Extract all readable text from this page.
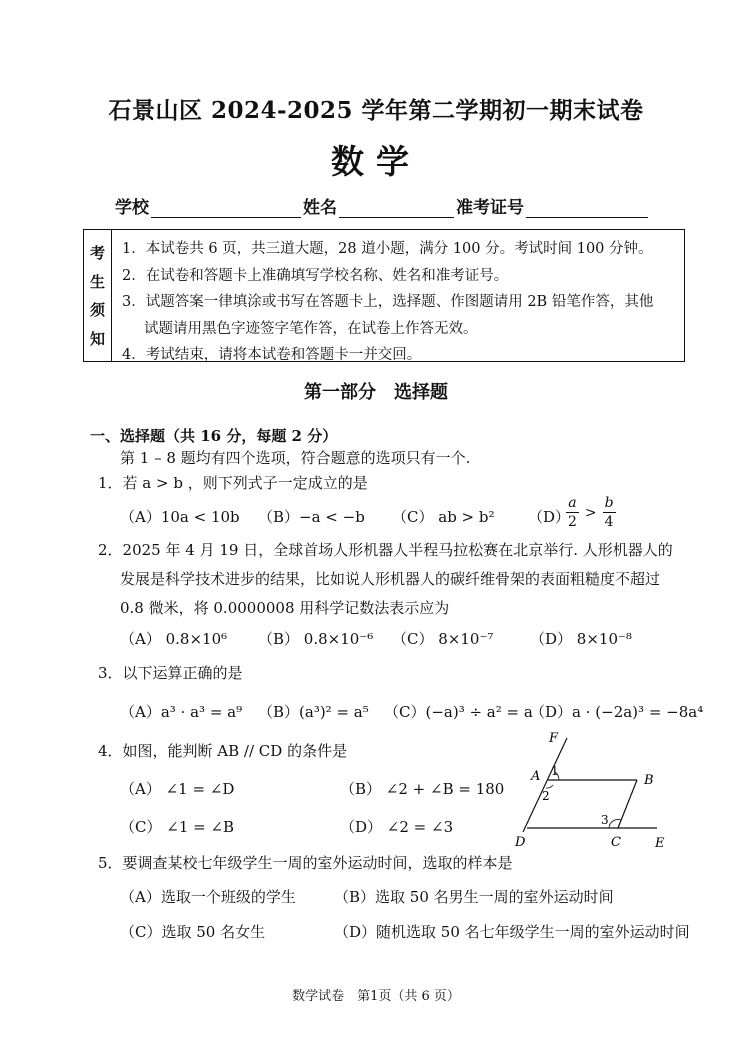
石景山区 2024-2025 学年第二学期初一期末试卷
数学
学校	姓名	准考证号
考
生
须
知
1．本试卷共 6 页，共三道大题，28 道小题，满分 100 分。考试时间 100 分钟。
2．在试卷和答题卡上准确填写学校名称、姓名和准考证号。
3．试题答案一律填涂或书写在答题卡上，选择题、作图题请用 2B 铅笔作答，其他
试题请用黑色字迹签字笔作答，在试卷上作答无效。
4．考试结束，请将本试卷和答题卡一并交回。
第一部分　选择题
一、选择题（共 16 分，每题 2 分）
第 1 – 8 题均有四个选项，符合题意的选项只有一个.
1．若 a > b ，则下列式子一定成立的是
（A）10a < 10b （B）−a < −b （C） ab > b² （D）
$\frac{a}{2} > \frac{b}{4}$
2．2025 年 4 月 19 日，全球首场人形机器人半程马拉松赛在北京举行. 人形机器人的
发展是科学技术进步的结果，比如说人形机器人的碳纤维骨架的表面粗糙度不超过
0.8 微米，将 0.0000008 用科学记数法表示应为
（A） 0.8×10⁶ （B） 0.8×10⁻⁶ （C） 8×10⁻⁷ （D） 8×10⁻⁸
3．以下运算正确的是
（A）a³ · a³ = a⁹ （B）(a³)² = a⁵ （C）(−a)³ ÷ a² = a
（D）a · (−2a)³ = −8a⁴
4．如图，能判断 AB // CD 的条件是
（A） ∠1 = ∠D	（B） ∠2 + ∠B = 180
（C） ∠1 = ∠B	（D） ∠2 = ∠3
F
A 1
2
B
3
D	C	E
5．要调查某校七年级学生一周的室外运动时间，选取的样本是
（A）选取一个班级的学生	（B）选取 50 名男生一周的室外运动时间
（C）选取 50 名女生	（D）随机选取 50 名七年级学生一周的室外运动时间
数学试卷　第1页（共 6 页）
